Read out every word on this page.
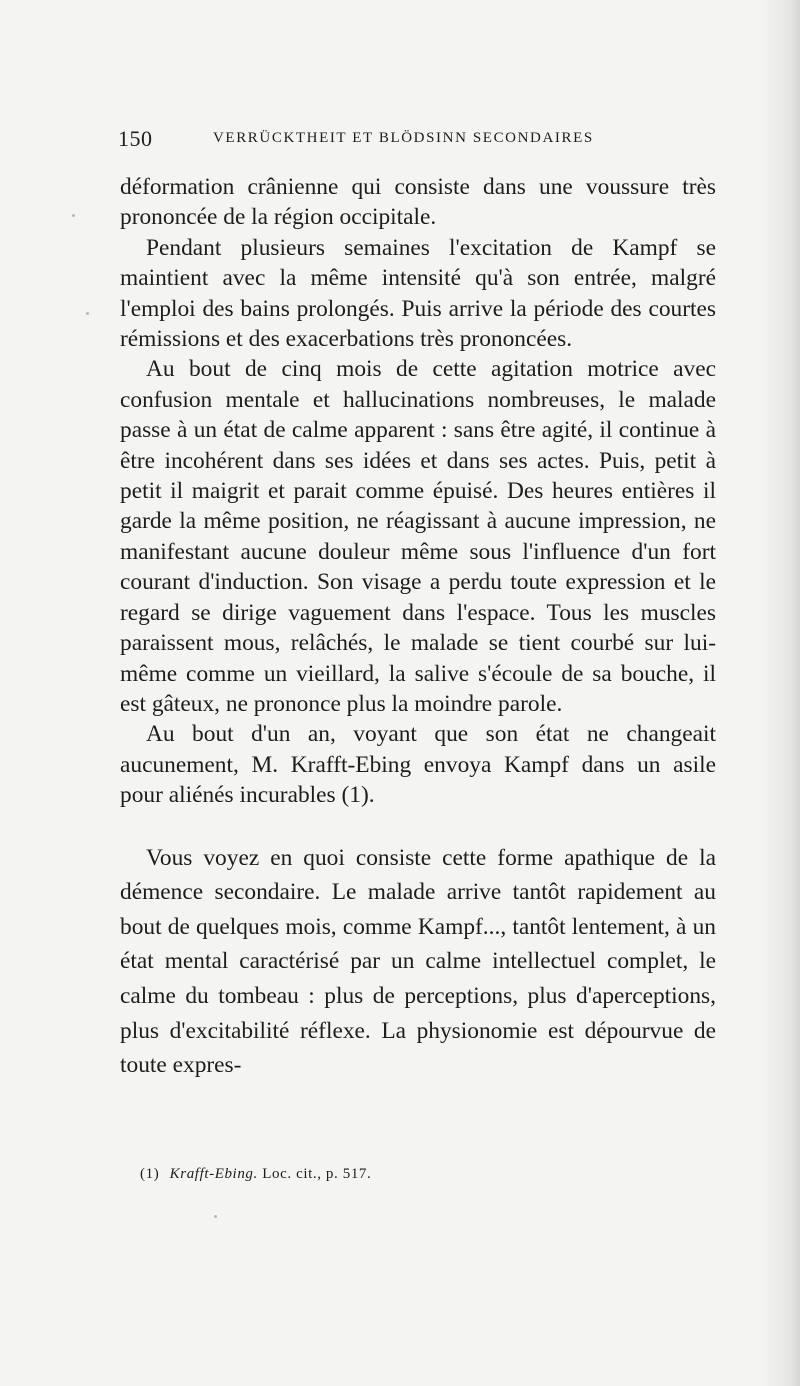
150	VERRÜCKTHEIT ET BLÖDSINN SECONDAIRES

déformation crânienne qui consiste dans une voussure très prononcée de la région occipitale.

Pendant plusieurs semaines l'excitation de Kampf se maintient avec la même intensité qu'à son entrée, malgré l'emploi des bains prolongés. Puis arrive la période des courtes rémissions et des exacerbations très prononcées.

Au bout de cinq mois de cette agitation motrice avec confusion mentale et hallucinations nombreuses, le malade passe à un état de calme apparent : sans être agité, il continue à être incohérent dans ses idées et dans ses actes. Puis, petit à petit il maigrit et parait comme épuisé. Des heures entières il garde la même position, ne réagissant à aucune impression, ne manifestant aucune douleur même sous l'influence d'un fort courant d'induction. Son visage a perdu toute expression et le regard se dirige vaguement dans l'espace. Tous les muscles paraissent mous, relâchés, le malade se tient courbé sur lui-même comme un vieillard, la salive s'écoule de sa bouche, il est gâteux, ne prononce plus la moindre parole.

Au bout d'un an, voyant que son état ne changeait aucunement, M. Krafft-Ebing envoya Kampf dans un asile pour aliénés incurables (1).

Vous voyez en quoi consiste cette forme apathique de la démence secondaire. Le malade arrive tantôt rapidement au bout de quelques mois, comme Kampf..., tantôt lentement, à un état mental caractérisé par un calme intellectuel complet, le calme du tombeau : plus de perceptions, plus d'aperceptions, plus d'excitabilité réflexe. La physionomie est dépourvue de toute expres-

(1) Krafft-Ebing. Loc. cit., p. 517.
